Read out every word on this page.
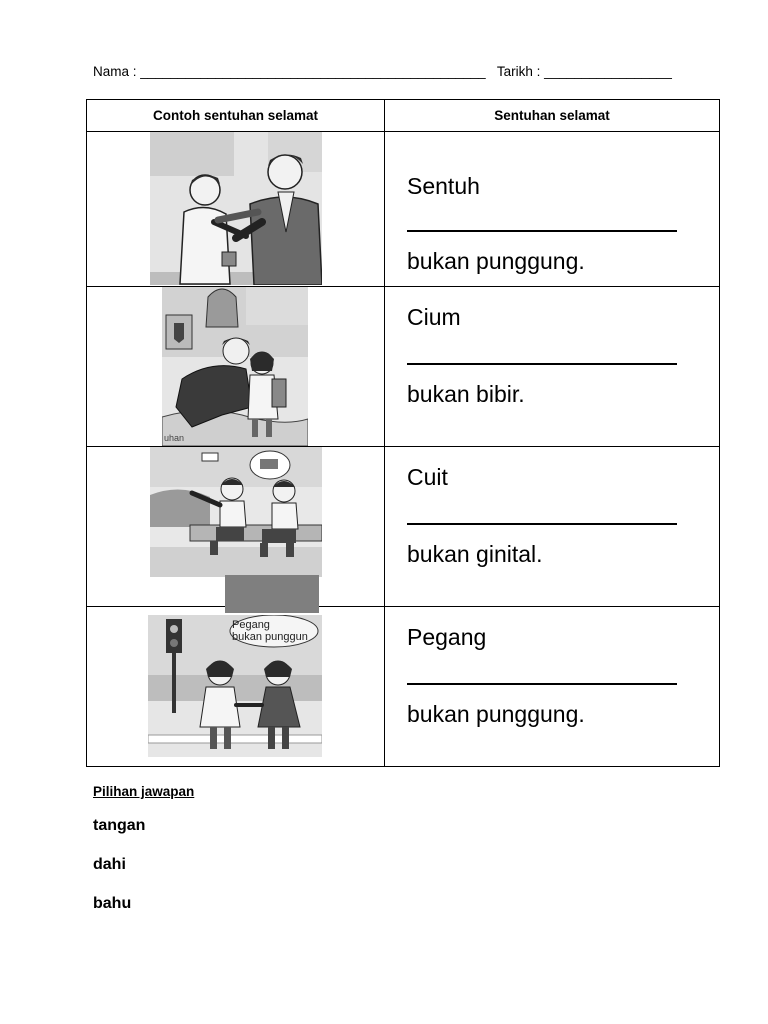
Nama : ______________________________________________ Tarikh : _________________
Contoh sentuhan selamat	Sentuhan selamat

Sentuh
bukan punggung.

uhan	Cium
bukan bibir.

Cuit
bukan ginital.

Pegang
bukan punggun	Pegang
bukan punggung.
Pilihan jawapan
tangan
dahi
bahu
